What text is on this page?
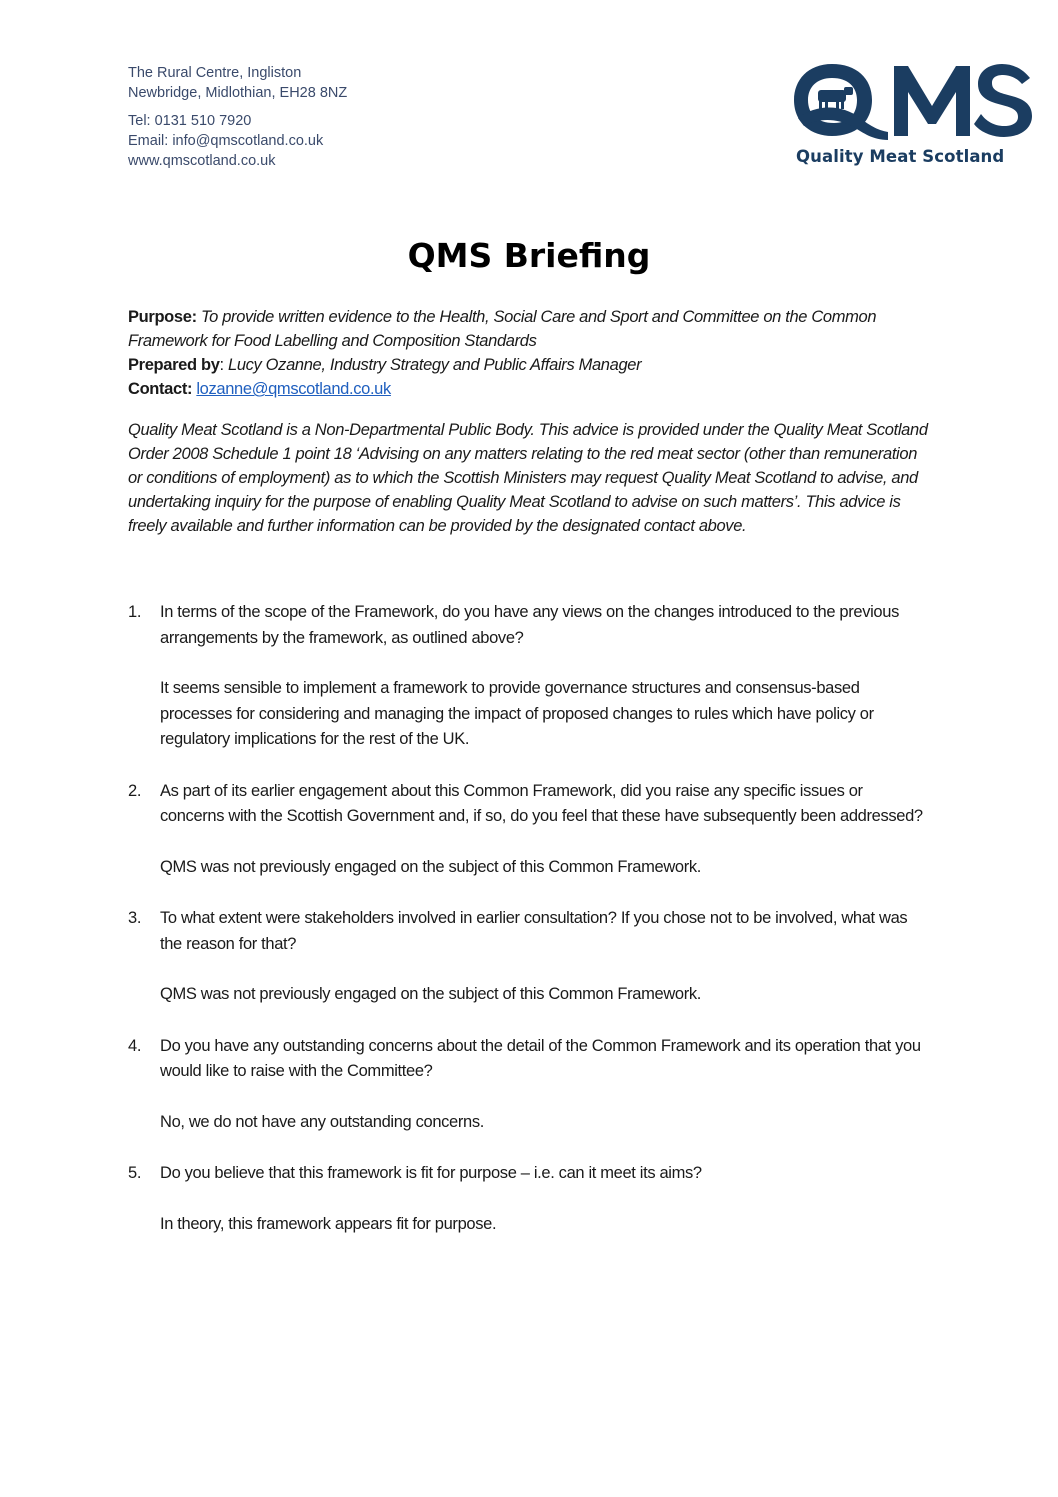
The Rural Centre, Ingliston
Newbridge, Midlothian, EH28 8NZ
Tel: 0131 510 7920
Email: info@qmscotland.co.uk
www.qmscotland.co.uk	Quality Meat Scotland
QMS Briefing
Purpose: To provide written evidence to the Health, Social Care and Sport and Committee on the Common Framework for Food Labelling and Composition Standards
Prepared by: Lucy Ozanne, Industry Strategy and Public Affairs Manager
Contact: lozanne@qmscotland.co.uk
Quality Meat Scotland is a Non-Departmental Public Body. This advice is provided under the Quality Meat Scotland Order 2008 Schedule 1 point 18 ‘Advising on any matters relating to the red meat sector (other than remuneration or conditions of employment) as to which the Scottish Ministers may request Quality Meat Scotland to advise, and undertaking inquiry for the purpose of enabling Quality Meat Scotland to advise on such matters’. This advice is freely available and further information can be provided by the designated contact above.
1. In terms of the scope of the Framework, do you have any views on the changes introduced to the previous arrangements by the framework, as outlined above?
It seems sensible to implement a framework to provide governance structures and consensus-based processes for considering and managing the impact of proposed changes to rules which have policy or regulatory implications for the rest of the UK.
2. As part of its earlier engagement about this Common Framework, did you raise any specific issues or concerns with the Scottish Government and, if so, do you feel that these have subsequently been addressed?
QMS was not previously engaged on the subject of this Common Framework.
3. To what extent were stakeholders involved in earlier consultation? If you chose not to be involved, what was the reason for that?
QMS was not previously engaged on the subject of this Common Framework.
4. Do you have any outstanding concerns about the detail of the Common Framework and its operation that you would like to raise with the Committee?
No, we do not have any outstanding concerns.
5. Do you believe that this framework is fit for purpose – i.e. can it meet its aims?
In theory, this framework appears fit for purpose.
